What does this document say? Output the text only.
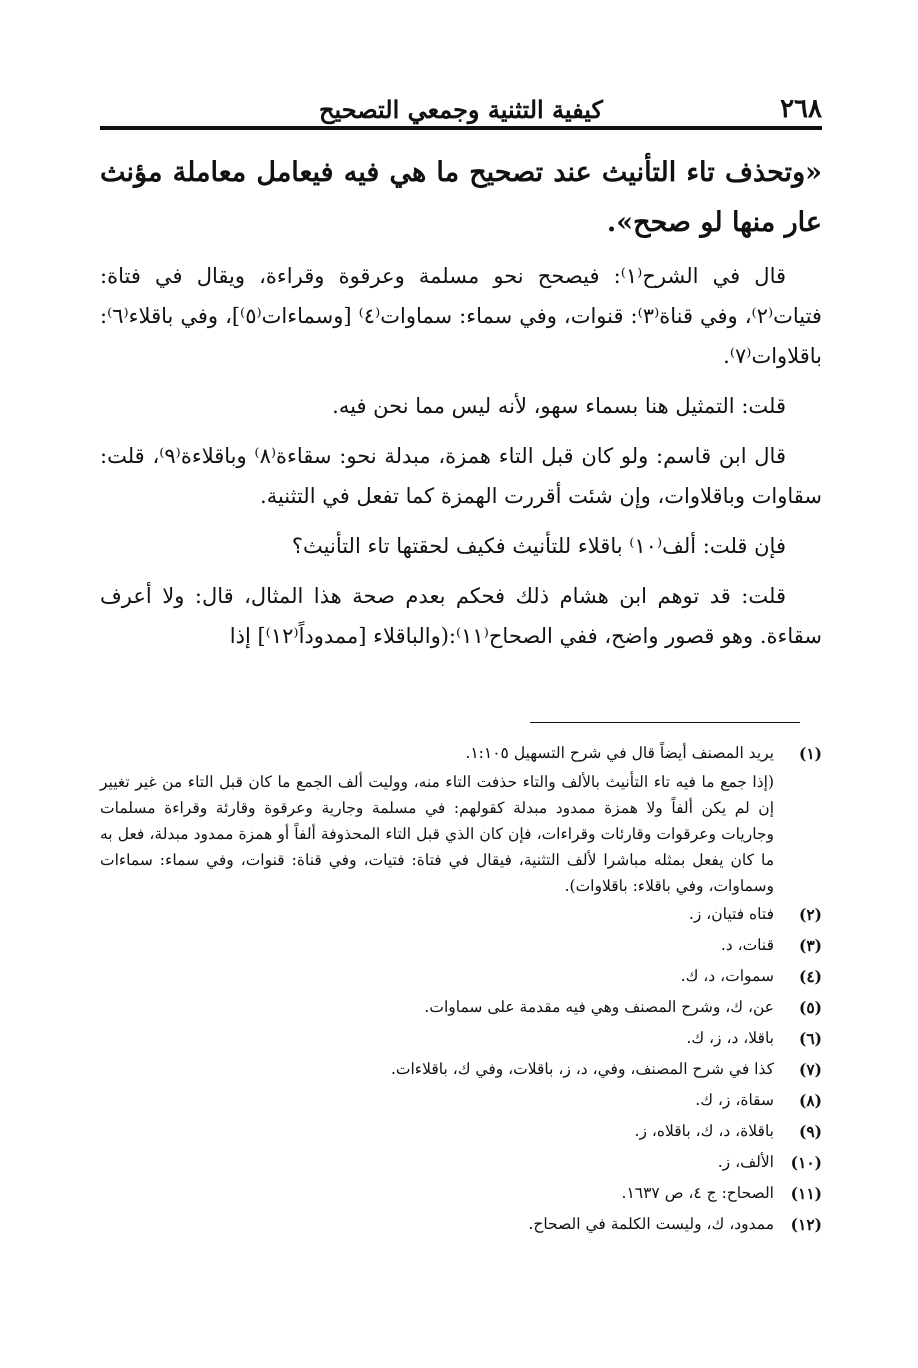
٢٦٨
كيفية التثنية وجمعي التصحيح

«وتحذف تاء التأنيث عند تصحيح ما هي فيه فيعامل معاملة مؤنث عار منها لو صحح».

قال في الشرح⁽١⁾: فيصحح نحو مسلمة وعرقوة وقراءة، ويقال في فتاة: فتيات⁽٢⁾، وفي قناة⁽٣⁾: قنوات، وفي سماء: سماوات⁽٤⁾ [وسماءات⁽٥⁾]، وفي باقلاء⁽٦⁾: باقلاوات⁽٧⁾.

قلت: التمثيل هنا بسماء سهو، لأنه ليس مما نحن فيه.

قال ابن قاسم: ولو كان قبل التاء همزة، مبدلة نحو: سقاءة⁽٨⁾ وباقلاءة⁽٩⁾، قلت: سقاوات وباقلاوات، وإن شئت أقررت الهمزة كما تفعل في التثنية.

فإن قلت: ألف⁽١٠⁾ باقلاء للتأنيث فكيف لحقتها تاء التأنيث؟

قلت: قد توهم ابن هشام ذلك فحكم بعدم صحة هذا المثال، قال: ولا أعرف سقاءة. وهو قصور واضح، ففي الصحاح⁽١١⁾:(والباقلاء [ممدوداً⁽١٢⁾] إذا

(١)
يريد المصنف أيضاً قال في شرح التسهيل ١:١٠٥.
(إذا جمع ما فيه تاء التأنيث بالألف والتاء حذفت التاء منه، ووليت ألف الجمع ما كان قبل التاء من غير تغيير إن لم يكن ألفاً ولا همزة ممدود مبدلة كقولهم: في مسلمة وجارية وعرقوة وقارئة وقراءة مسلمات وجاريات وعرقوات وقارئات وقراءات، فإن كان الذي قبل التاء المحذوفة ألفاً أو همزة ممدود مبدلة، فعل به ما كان يفعل بمثله مباشرا لألف التثنية، فيقال في فتاة: فتيات، وفي قناة: قنوات، وفي سماء: سماءات وسماوات، وفي باقلاء: باقلاوات).
(٢)
فتاه فتيان، ز.
(٣)
قنات، د.
(٤)
سموات، د، ك.
(٥)
عن، ك، وشرح المصنف وهي فيه مقدمة على سماوات.
(٦)
باقلا، د، ز، ك.
(٧)
كذا في شرح المصنف، وفي، د، ز، باقلات، وفي ك، باقلاءات.
(٨)
سقاة، ز، ك.
(٩)
باقلاة، د، ك، باقلاه، ز.
(١٠)
الألف، ز.
(١١)
الصحاح: ج ٤، ص ١٦٣٧.
(١٢)
ممدود، ك، وليست الكلمة في الصحاح.
